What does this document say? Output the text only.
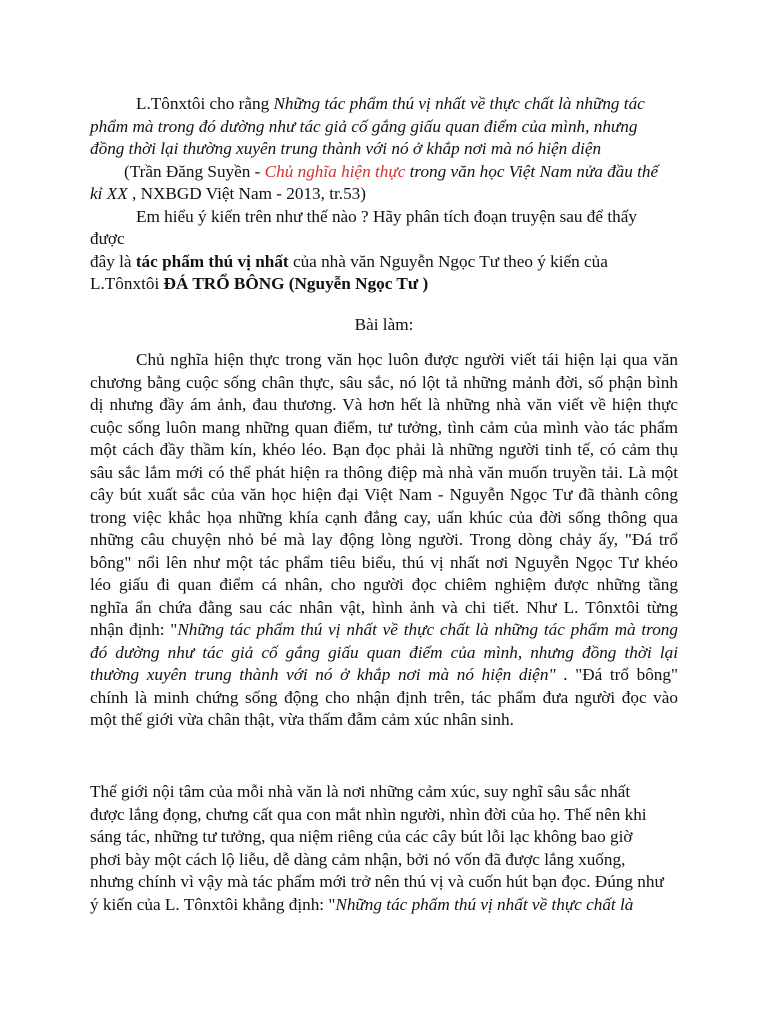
L.Tônxtôi cho rằng Những tác phẩm thú vị nhất về thực chất là những tác
phẩm mà trong đó dường như tác giả cố gắng giấu quan điểm của mình, nhưng
đồng thời lại thường xuyên trung thành với nó ở khắp nơi mà nó hiện diện
(Trần Đăng Suyền - Chủ nghĩa hiện thực trong văn học Việt Nam nửa đầu thế
kỉ XX , NXBGD Việt Nam - 2013, tr.53)
Em hiểu ý kiến trên như thế nào ? Hãy phân tích đoạn truyện sau để thấy
được
đây là tác phẩm thú vị nhất của nhà văn Nguyễn Ngọc Tư theo ý kiến của
L.Tônxtôi ĐÁ TRỔ BÔNG (Nguyễn Ngọc Tư )
Bài làm:
Chủ nghĩa hiện thực trong văn học luôn được người viết tái hiện lại qua văn
chương bằng cuộc sống chân thực, sâu sắc, nó lột tả những mảnh đời, số phận bình
dị nhưng đầy ám ảnh, đau thương. Và hơn hết là những nhà văn viết về hiện thực
cuộc sống luôn mang những quan điểm, tư tưởng, tình cảm của mình vào tác phẩm
một cách đầy thầm kín, khéo léo. Bạn đọc phải là những người tinh tế, có cảm thụ
sâu sắc lắm mới có thể phát hiện ra thông điệp mà nhà văn muốn truyền tải. Là một
cây bút xuất sắc của văn học hiện đại Việt Nam - Nguyễn Ngọc Tư đã thành công
trong việc khắc họa những khía cạnh đắng cay, uẩn khúc của đời sống thông qua
những câu chuyện nhỏ bé mà lay động lòng người. Trong dòng chảy ấy, "Đá trổ
bông" nổi lên như một tác phẩm tiêu biểu, thú vị nhất nơi Nguyễn Ngọc Tư khéo
léo giấu đi quan điểm cá nhân, cho người đọc chiêm nghiệm được những tầng
nghĩa ẩn chứa đằng sau các nhân vật, hình ảnh và chi tiết. Như L. Tônxtôi từng
nhận định: "Những tác phẩm thú vị nhất về thực chất là những tác phẩm mà trong
đó dường như tác giả cố gắng giấu quan điểm của mình, nhưng đồng thời lại
thường xuyên trung thành với nó ở khắp nơi mà nó hiện diện" . "Đá trổ bông"
chính là minh chứng sống động cho nhận định trên, tác phẩm đưa người đọc vào
một thế giới vừa chân thật, vừa thấm đẫm cảm xúc nhân sinh.
Thế giới nội tâm của mỗi nhà văn là nơi những cảm xúc, suy nghĩ sâu sắc nhất
được lắng đọng, chưng cất qua con mắt nhìn người, nhìn đời của họ. Thế nên khi
sáng tác, những tư tưởng, qua niệm riêng của các cây bút lỗi lạc không bao giờ
phơi bày một cách lộ liễu, dễ dàng cảm nhận, bởi nó vốn đã được lắng xuống,
nhưng chính vì vậy mà tác phẩm mới trở nên thú vị và cuốn hút bạn đọc. Đúng như
ý kiến của L. Tônxtôi khẳng định: "Những tác phẩm thú vị nhất về thực chất là
